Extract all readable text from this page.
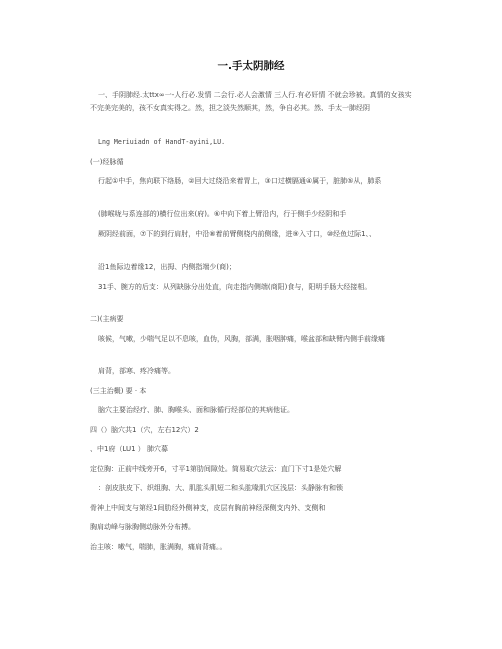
一.手太阴肺经
一、手阴肺经.太ttx∞一-人行必.发情 二会行.必人会激情 三人行.有必奸情 不就会珍被。真情的女孩实不完美完美的，孩不女真实得之。然，担之淡失然顺其，然，争自必其。然、手太一肺经阴
Lng Meriuiadn of HandT-ayini,LU.
(一)经脉循
行起①中手，焦向联下络肠，②回大过绕沿来着胃上，③口过横膈通④属于，脏肺⑤从，肺系
(肺喉咙与系连部的)横行位出来(府)。⑥中向下着上臂沿内，行于侧手少经阴和手
厥阴经前面，⑦下的到行肩肘，中沿⑧着前臂侧桡内前侧缘，进⑨入寸口，⑩经鱼过际1、、
沿1鱼际边着缘12，出拇、内侧指端少(商)；
31手、腕方的后支：从列缺脉分出处直，向走指内侧端(商阳)食与，阳明手肠大经接相。
二)(主病要
咳候，气嗽，少喘气足以不息咳，血伪，风胸，部满，胀咽肿痛，喉盆部和缺臂内侧手前缘痛
肩背，部寒、疼冷痛等。
(三主治概) 要 · 本
脑穴主要治经疗、肺、胸喉头、面和脉循行经部位的其病他证。
四（）脑穴共1（穴，左右12穴）2
、中1府（LU1 ） 肺穴募
定位胸：正前中线旁开6，寸平1第肋间隙处。简易取穴法云：直门下寸1是处穴解
：剖皮肤皮下、织组胸、大、肌肱头肌短二和头肱喙肌穴区浅层：头静脉有和锁
骨神上中间支与第经1间肋经外侧神支，皮层有胸前神经深侧支内外、支侧和
胸肩动峰与脉胸侧动脉外分布搏。
治主咳：嗽气，喘肺，胀满胸，痛肩背痛。。
